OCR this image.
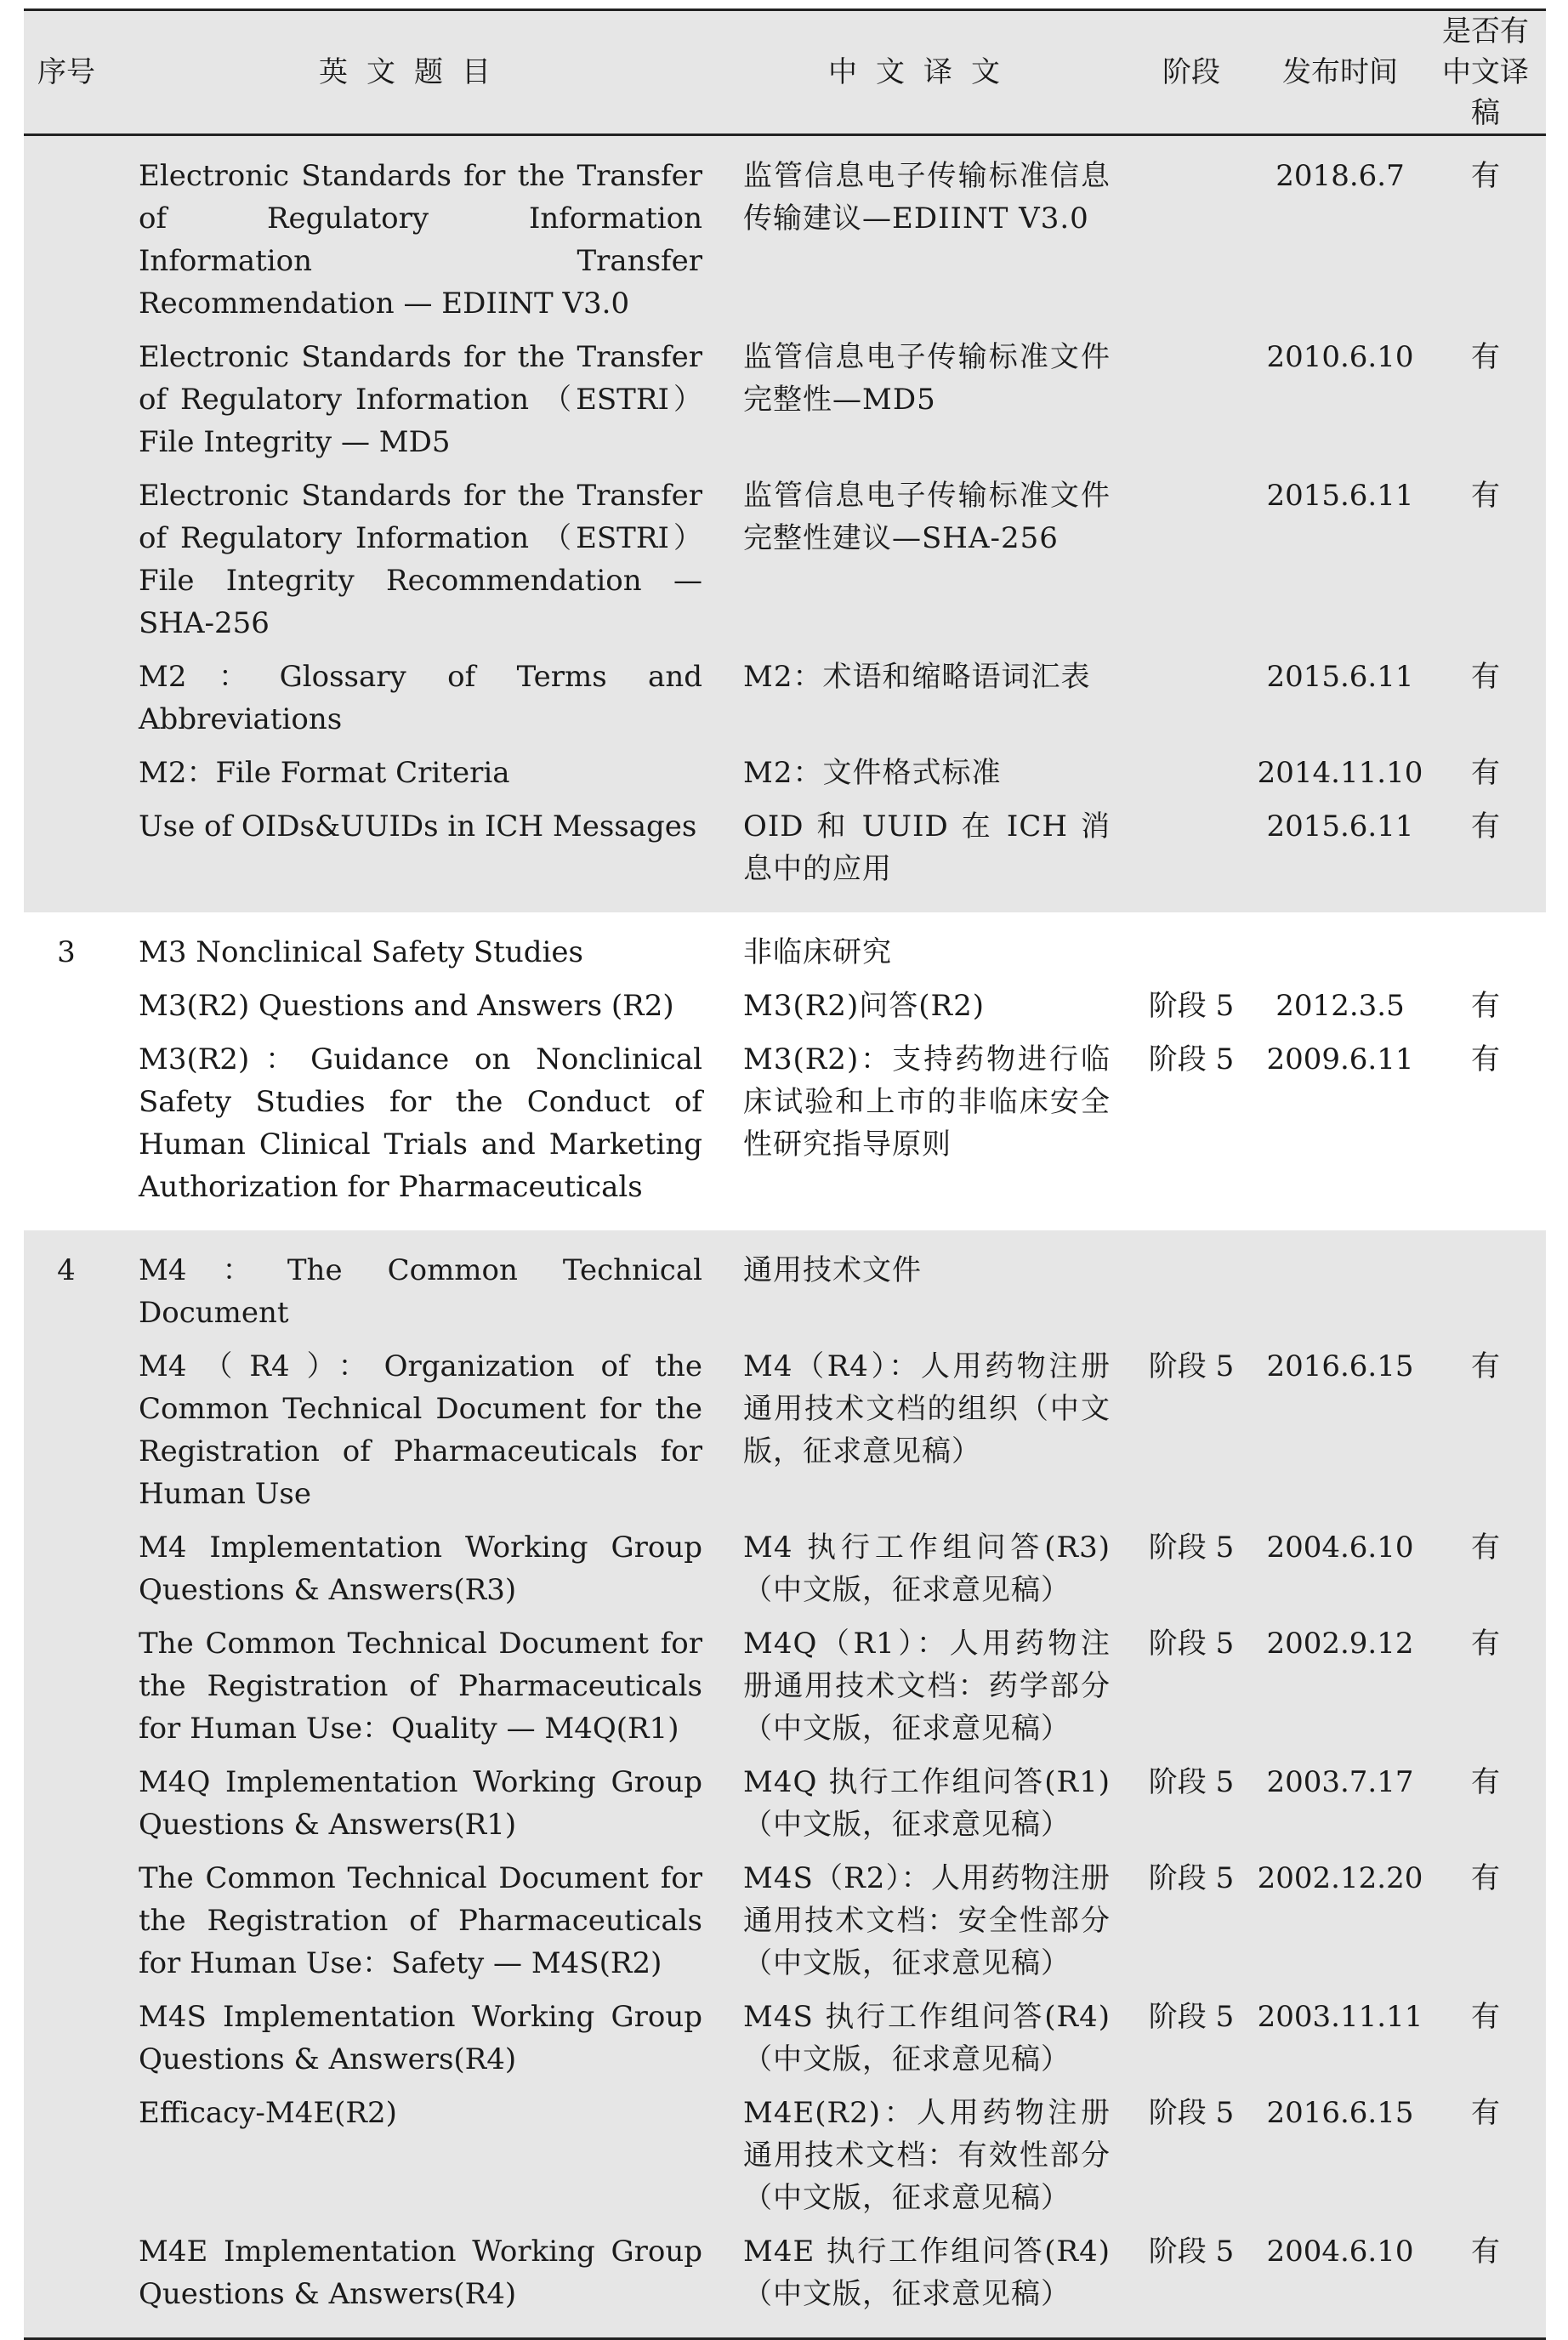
序号	英文题目	中文译文	阶段	发布时间	是否有中文译稿
	Electronic Standards for the Transfer of Regulatory Information Information Transfer Recommendation — EDIINT V3.0	监管信息电子传输标准信息传输建议—EDIINT V3.0		2018.6.7	有
	Electronic Standards for the Transfer of Regulatory Information （ESTRI） File Integrity — MD5	监管信息电子传输标准文件完整性—MD5		2010.6.10	有
	Electronic Standards for the Transfer of Regulatory Information （ESTRI） File Integrity Recommendation — SHA-256	监管信息电子传输标准文件完整性建议—SHA-256		2015.6.11	有
	M2：Glossary of Terms and Abbreviations	M2：术语和缩略语词汇表		2015.6.11	有
	M2：File Format Criteria	M2：文件格式标准		2014.11.10	有
	Use of OIDs&UUIDs in ICH Messages	OID 和 UUID 在 ICH 消息中的应用		2015.6.11	有
3	M3 Nonclinical Safety Studies	非临床研究			
	M3(R2) Questions and Answers (R2)	M3(R2)问答(R2)	阶段 5	2012.3.5	有
	M3(R2)：Guidance on Nonclinical Safety Studies for the Conduct of Human Clinical Trials and Marketing Authorization for Pharmaceuticals	M3(R2)：支持药物进行临床试验和上市的非临床安全性研究指导原则	阶段 5	2009.6.11	有
4	M4：The Common Technical Document	通用技术文件			
	M4（R4）：Organization of the Common Technical Document for the Registration of Pharmaceuticals for Human Use	M4（R4）：人用药物注册通用技术文档的组织（中文版，征求意见稿）	阶段 5	2016.6.15	有
	M4 Implementation Working Group Questions & Answers(R3)	M4 执行工作组问答(R3)（中文版，征求意见稿）	阶段 5	2004.6.10	有
	The Common Technical Document for the Registration of Pharmaceuticals for Human Use：Quality — M4Q(R1)	M4Q（R1）：人用药物注册通用技术文档：药学部分（中文版，征求意见稿）	阶段 5	2002.9.12	有
	M4Q Implementation Working Group Questions & Answers(R1)	M4Q 执行工作组问答(R1)（中文版，征求意见稿）	阶段 5	2003.7.17	有
	The Common Technical Document for the Registration of Pharmaceuticals for Human Use：Safety — M4S(R2)	M4S（R2）：人用药物注册通用技术文档：安全性部分（中文版，征求意见稿）	阶段 5	2002.12.20	有
	M4S Implementation Working Group Questions & Answers(R4)	M4S 执行工作组问答(R4)（中文版，征求意见稿）	阶段 5	2003.11.11	有
	Efficacy-M4E(R2)	M4E(R2)：人用药物注册通用技术文档：有效性部分（中文版，征求意见稿）	阶段 5	2016.6.15	有
	M4E Implementation Working Group Questions & Answers(R4)	M4E 执行工作组问答(R4)（中文版，征求意见稿）	阶段 5	2004.6.10	有
